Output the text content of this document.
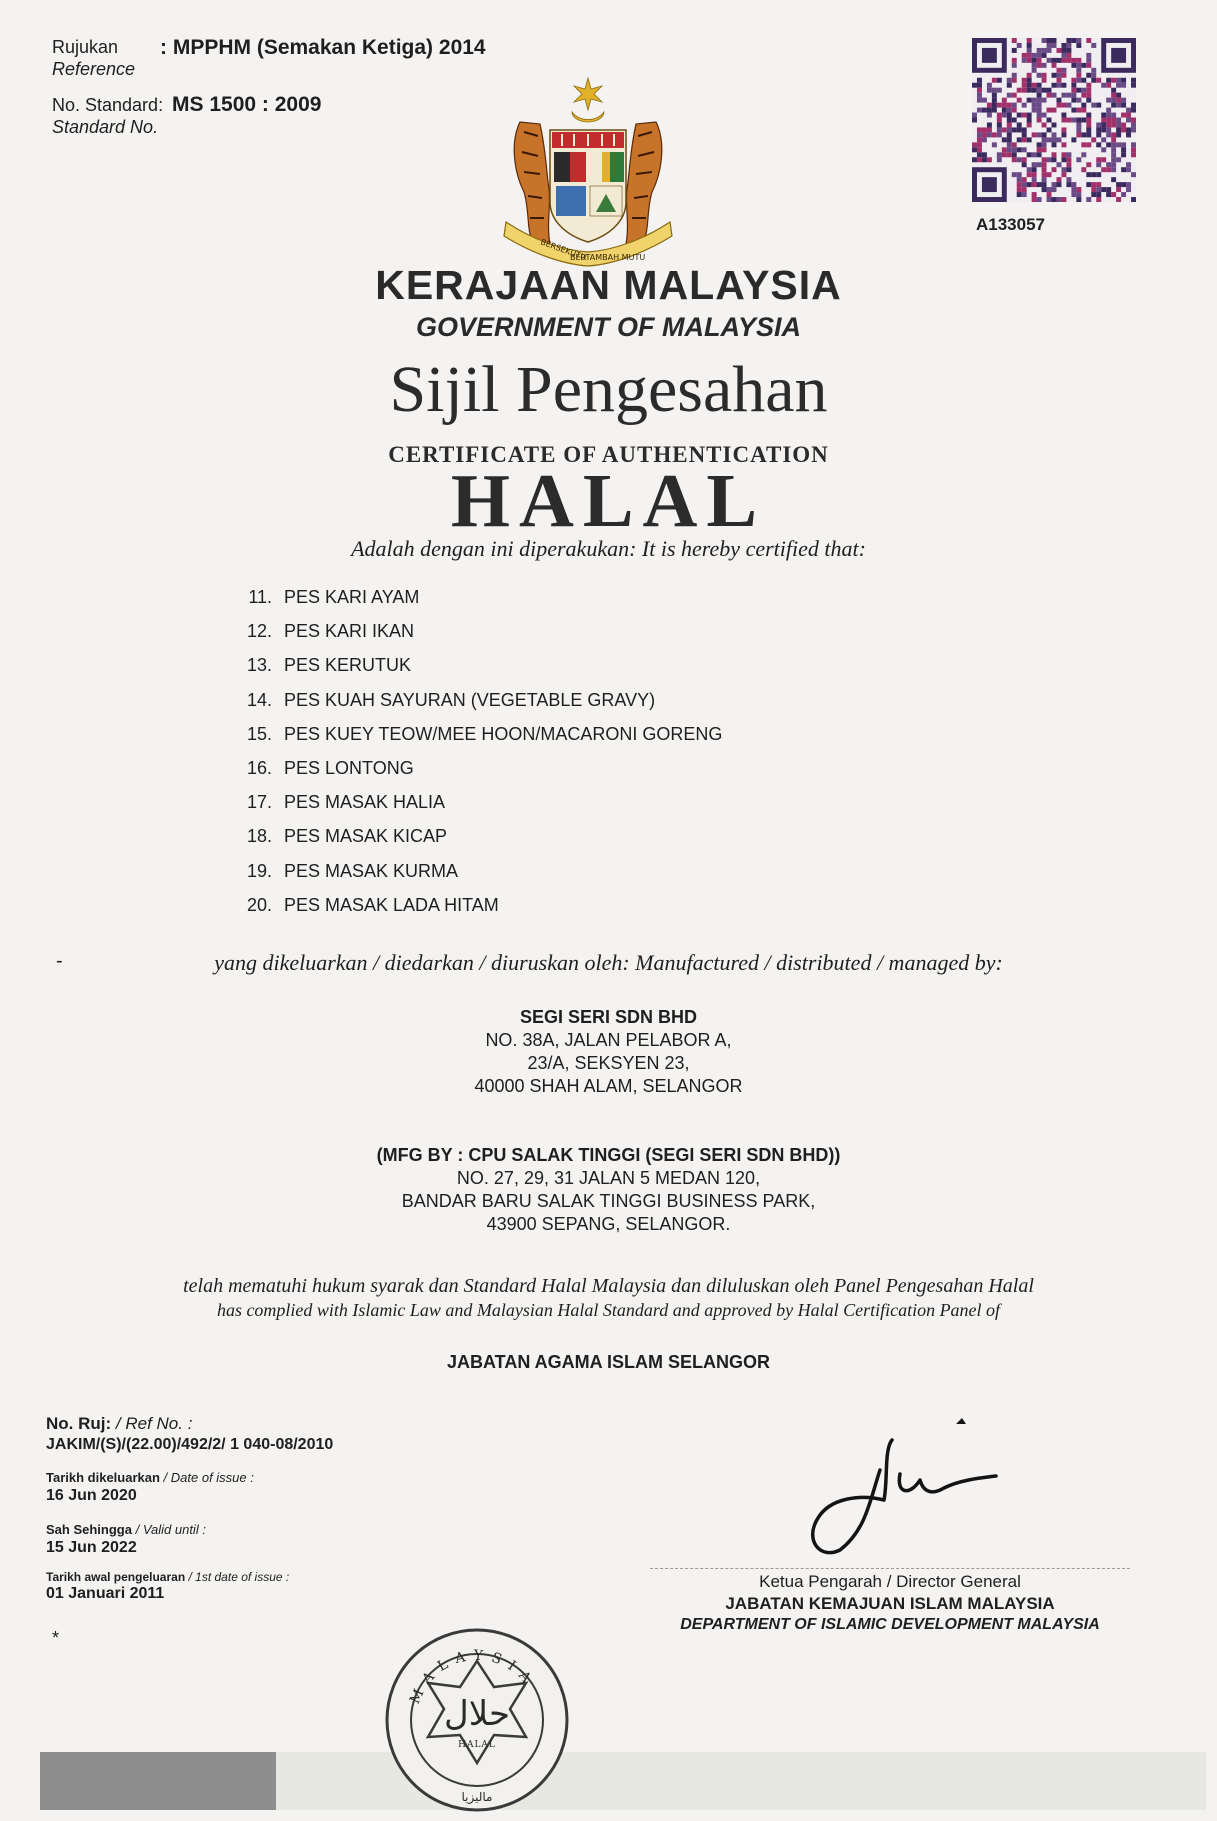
Rujukan
Reference
: MPPHM (Semakan Ketiga) 2014
No. Standard:
Standard No.
MS 1500 : 2009
A133057
BERSEKUTU
BERTAMBAH MUTU
KERAJAAN MALAYSIA
GOVERNMENT OF MALAYSIA
Sijil Pengesahan
CERTIFICATE OF AUTHENTICATION
HALAL
Adalah dengan ini diperakukan: It is hereby certified that:
11. PES KARI AYAM
12. PES KARI IKAN
13. PES KERUTUK
14. PES KUAH SAYURAN (VEGETABLE GRAVY)
15. PES KUEY TEOW/MEE HOON/MACARONI GORENG
16. PES LONTONG
17. PES MASAK HALIA
18. PES MASAK KICAP
19. PES MASAK KURMA
20. PES MASAK LADA HITAM
-	yang dikeluarkan / diedarkan / diuruskan oleh: Manufactured / distributed / managed by:
SEGI SERI SDN BHD
NO. 38A, JALAN PELABOR A,
23/A, SEKSYEN 23,
40000 SHAH ALAM, SELANGOR
(MFG BY : CPU SALAK TINGGI (SEGI SERI SDN BHD))
NO. 27, 29, 31 JALAN 5 MEDAN 120,
BANDAR BARU SALAK TINGGI BUSINESS PARK,
43900 SEPANG, SELANGOR.
telah mematuhi hukum syarak dan Standard Halal Malaysia dan diluluskan oleh Panel Pengesahan Halal
has complied with Islamic Law and Malaysian Halal Standard and approved by Halal Certification Panel of
JABATAN AGAMA ISLAM SELANGOR
No. Ruj: / Ref No. :
JAKIM/(S)/(22.00)/492/2/ 1 040-08/2010
Tarikh dikeluarkan / Date of issue :
16 Jun 2020
Sah Sehingga / Valid until :
15 Jun 2022
Tarikh awal pengeluaran / 1st date of issue :
01 Januari 2011
Ketua Pengarah / Director General
JABATAN KEMAJUAN ISLAM MALAYSIA
DEPARTMENT OF ISLAMIC DEVELOPMENT MALAYSIA
*
MALAYSIA
حلال
HALAL
ماليزيا
